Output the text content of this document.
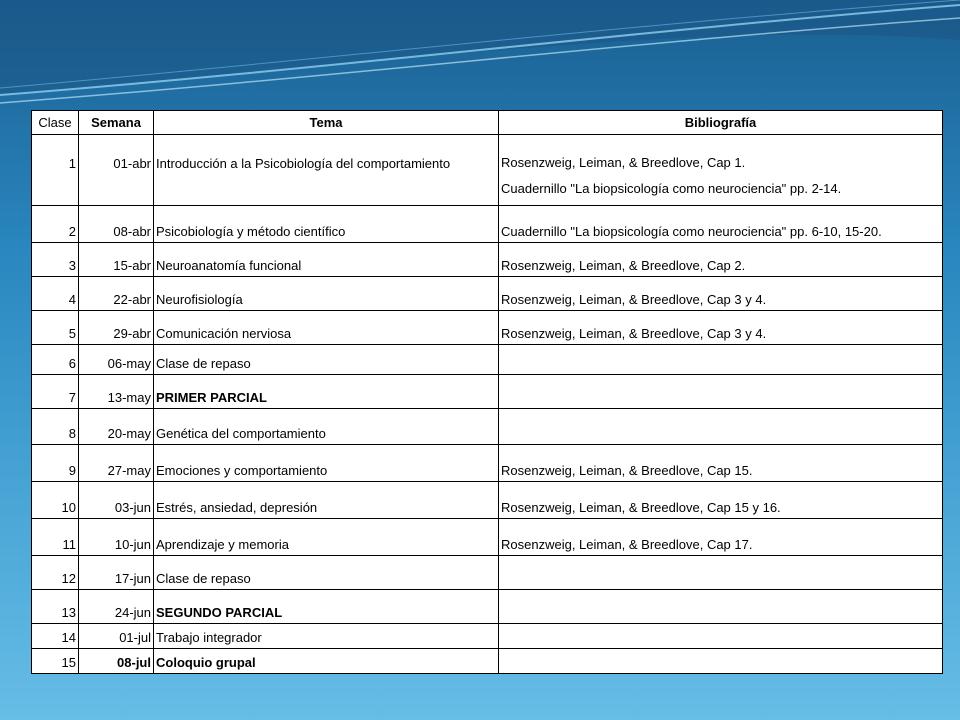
Clase	Semana	Tema	Bibliografía
1	01-abr	Introducción a la Psicobiología del comportamiento	Rosenzweig, Leiman, & Breedlove, Cap 1.
Cuadernillo "La biopsicología como neurociencia" pp. 2-14.

2	08-abr	Psicobiología y método científico	Cuadernillo "La biopsicología como neurociencia" pp. 6-10, 15-20.
3	15-abr	Neuroanatomía funcional	Rosenzweig, Leiman, & Breedlove, Cap 2.
4	22-abr	Neurofisiología	Rosenzweig, Leiman, & Breedlove, Cap 3 y 4.
5	29-abr	Comunicación nerviosa	Rosenzweig, Leiman, & Breedlove, Cap 3 y 4.
6	06-may	Clase de repaso	
7	13-may	PRIMER PARCIAL	
8	20-may	Genética del comportamiento	
9	27-may	Emociones y comportamiento	Rosenzweig, Leiman, & Breedlove, Cap 15.
10	03-jun	Estrés, ansiedad, depresión	Rosenzweig, Leiman, & Breedlove, Cap 15 y 16.
11	10-jun	Aprendizaje y memoria	Rosenzweig, Leiman, & Breedlove, Cap 17.
12	17-jun	Clase de repaso	
13	24-jun	SEGUNDO PARCIAL	
14	01-jul	Trabajo integrador	
15	08-jul	Coloquio grupal	
